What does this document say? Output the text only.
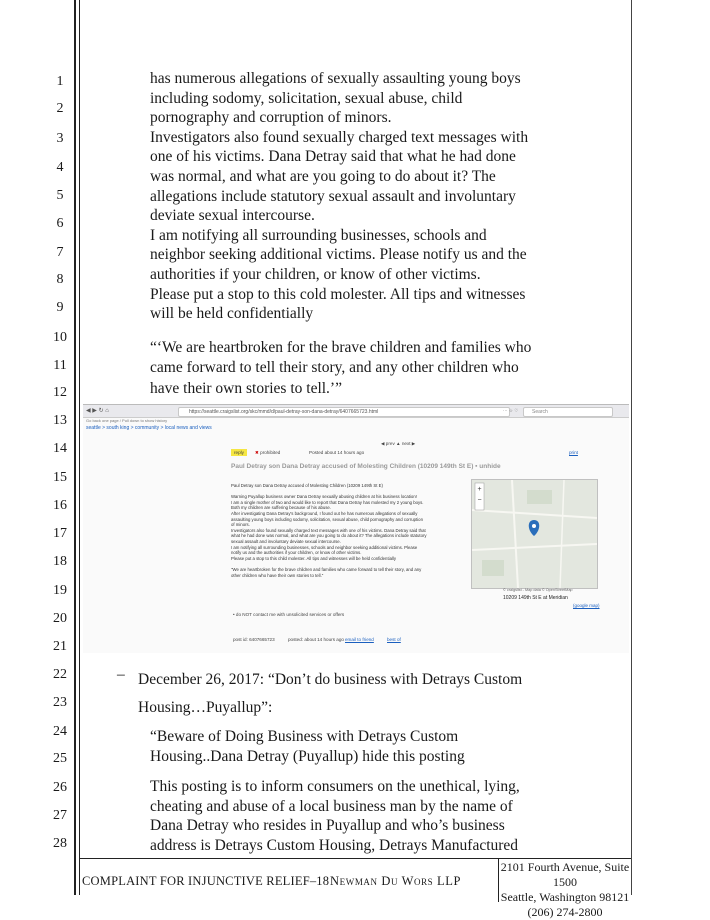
1
2
3
4
5
6
7
8
9
10
11
12
13
14
15
16
17
18
19
20
21
22
23
24
25
26
27
28
has numerous allegations of sexually assaulting young boys
including sodomy, solicitation, sexual abuse, child
pornography and corruption of minors.
Investigators also found sexually charged text messages with
one of his victims. Dana Detray said that what he had done
was normal, and what are you going to do about it? The
allegations include statutory sexual assault and involuntary
deviate sexual intercourse.
I am notifying all surrounding businesses, schools and
neighbor seeking additional victims. Please notify us and the
authorities if your children, or know of other victims.
Please put a stop to this cold molester. All tips and witnesses
will be held confidentially
“‘We are heartbroken for the brave children and families who
came forward to tell their story, and any other children who
have their own stories to tell.’”
◀ ▶ ↻ ⌂	https://seattle.craigslist.org/skc/mmd/d/paul-detray-son-dana-detray/6407665723.html	··· ☆ ♡	Search
Go back one page / Pull down to show history
seattle > south king > community > local news and views
◀ prev ▲ next ▶
reply	✖ prohibited	Posted about 14 hours ago	print
Paul Detray son Dana Detray accused of Molesting Children (10209 149th St E) ▪ unhide
Paul Detray son Dana Detray accused of Molesting Children (10209 149th St E)

Warning Puyallup business owner Dana Detray sexually abusing children at his business location!
I am a single mother of two and would like to report that Dana Detray has molested my 2 young boys.
Both my children are suffering because of his abuse.
After investigating Dana Detray's background, I found out he has numerous allegations of sexually
assaulting young boys including sodomy, solicitation, sexual abuse, child pornography and corruption
of minors.
Investigators also found sexually charged text messages with one of his victims. Dana Detray said that
what he had done was normal, and what are you going to do about it? The allegations include statutory
sexual assault and involuntary deviate sexual intercourse.
I am notifying all surrounding businesses, schools and neighbor seeking additional victims. Please
notify us and the authorities if your children, or know of other victims.
Please put a stop to this child molester. All tips and witnesses will be held confidentially

"We are heartbroken for the brave children and families who came forward to tell their story, and any
other children who have their own stories to tell."
+
−
© craigslist - Map data © OpenStreetMap
10209 149th St E at Meridian
(google map)
• do NOT contact me with unsolicited services or offers
post id: 6407665723	posted: about 14 hours ago email to friend	best of
– December 26, 2017: “Don’t do business with Detrays Custom
Housing…Puyallup”:
“Beware of Doing Business with Detrays Custom
Housing..Dana Detray (Puyallup) hide this posting
This posting is to inform consumers on the unethical, lying,
cheating and abuse of a local business man by the name of
Dana Detray who resides in Puyallup and who’s business
address is Detrays Custom Housing, Detrays Manufactured
COMPLAINT FOR INJUNCTIVE RELIEF–18 Newman Du Wors LLP
2101 Fourth Avenue, Suite 1500
Seattle, Washington 98121
(206) 274-2800
